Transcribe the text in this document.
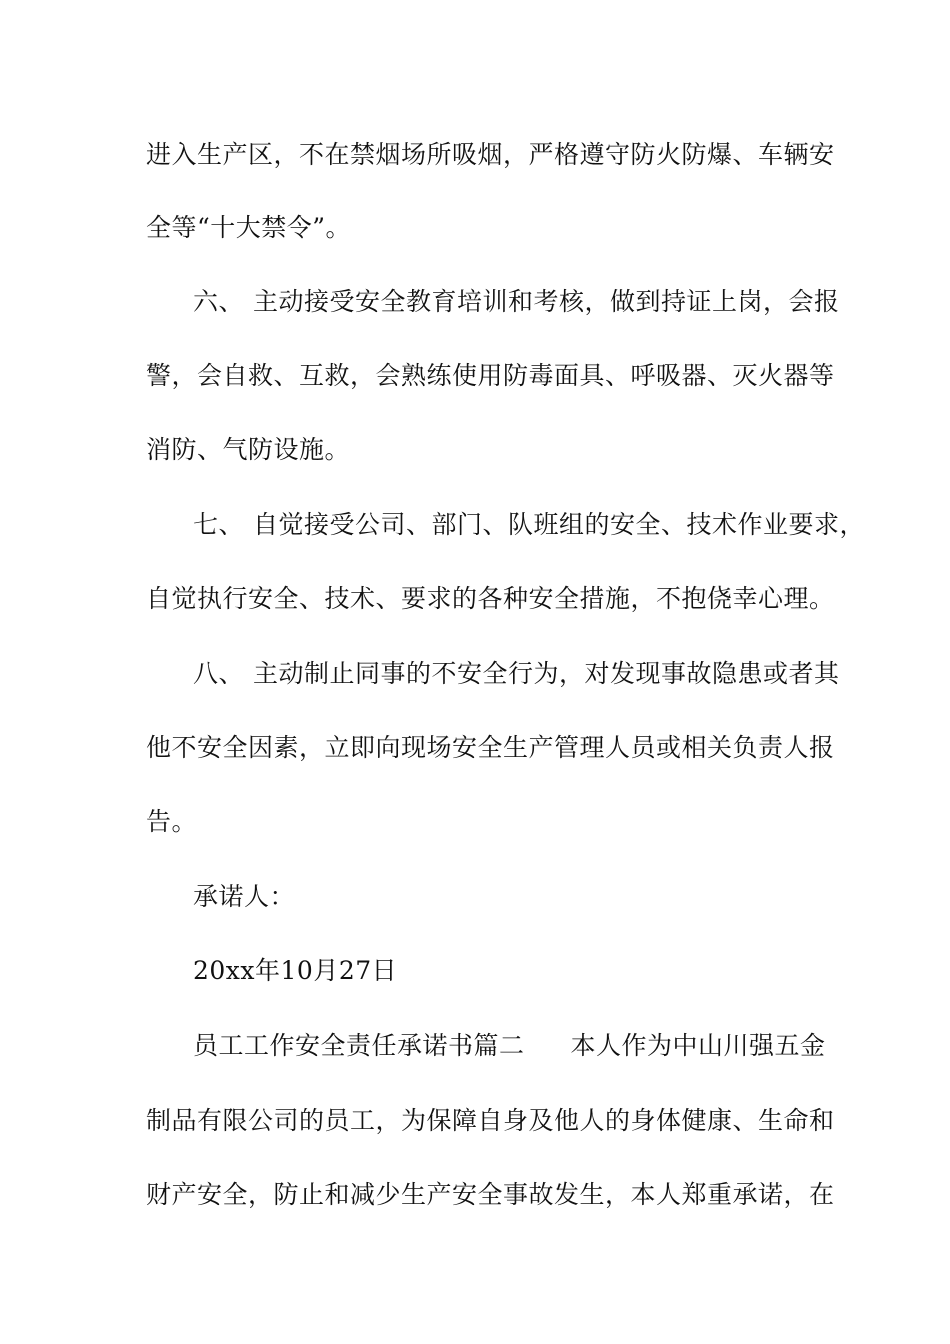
进入生产区，不在禁烟场所吸烟，严格遵守防火防爆、车辆安
全等“十大禁令”。
六、 主动接受安全教育培训和考核，做到持证上岗，会报
警，会自救、互救，会熟练使用防毒面具、呼吸器、灭火器等
消防、气防设施。
七、 自觉接受公司、部门、队班组的安全、技术作业要求，
自觉执行安全、技术、要求的各种安全措施，不抱侥幸心理。
八、 主动制止同事的不安全行为，对发现事故隐患或者其
他不安全因素，立即向现场安全生产管理人员或相关负责人报
告。
承诺人：
20xx年10月27日
员工工作安全责任承诺书篇二 本人作为中山川强五金
制品有限公司的员工，为保障自身及他人的身体健康、生命和
财产安全，防止和减少生产安全事故发生，本人郑重承诺，在
